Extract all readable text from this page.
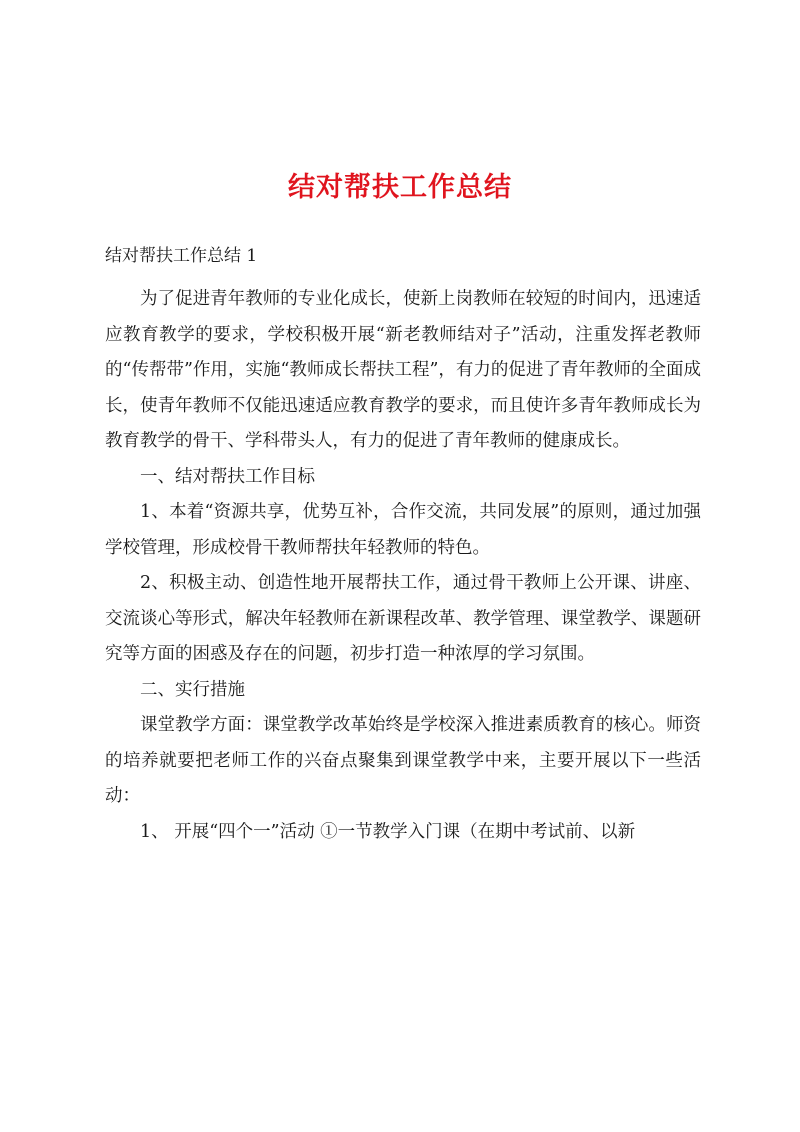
结对帮扶工作总结
结对帮扶工作总结 1

为了促进青年教师的专业化成长，使新上岗教师在较短的时间内，迅速适应教育教学的要求，学校积极开展“新老教师结对子”活动，注重发挥老教师的“传帮带”作用，实施“教师成长帮扶工程”，有力的促进了青年教师的全面成长，使青年教师不仅能迅速适应教育教学的要求，而且使许多青年教师成长为教育教学的骨干、学科带头人，有力的促进了青年教师的健康成长。

一、结对帮扶工作目标

1、本着“资源共享，优势互补，合作交流，共同发展”的原则，通过加强学校管理，形成校骨干教师帮扶年轻教师的特色。

2、积极主动、创造性地开展帮扶工作，通过骨干教师上公开课、讲座、交流谈心等形式，解决年轻教师在新课程改革、教学管理、课堂教学、课题研究等方面的困惑及存在的问题，初步打造一种浓厚的学习氛围。

二、实行措施

课堂教学方面：课堂教学改革始终是学校深入推进素质教育的核心。师资的培养就要把老师工作的兴奋点聚集到课堂教学中来，主要开展以下一些活动：

1、 开展“四个一”活动 ①一节教学入门课（在期中考试前、以新
